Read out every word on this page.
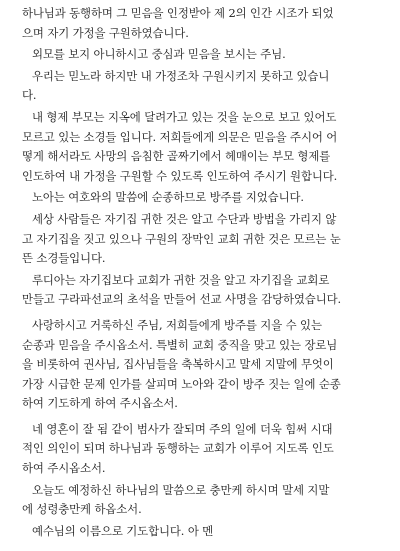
하나님과 동행하며 그 믿음을 인정받아 제 2의 인간 시조가 되었
으며 자기 가정을 구원하였습니다.
외모를 보지 아니하시고 중심과 믿음을 보시는 주님.
우리는 믿노라 하지만 내 가정조차 구원시키지 못하고 있습니
다.
내 형제 부모는 지옥에 달려가고 있는 것을 눈으로 보고 있어도
모르고 있는 소경들 입니다. 저희들에게 의문은 믿음을 주시어 어
떻게 해서라도 사망의 음침한 골짜기에서 헤매이는 부모 형제를
인도하여 내 가정을 구원할 수 있도록 인도하여 주시기 원합니다.
노아는 여호와의 말씀에 순종하므로 방주를 지었습니다.
세상 사람들은 자기집 귀한 것은 알고 수단과 방법을 가리지 않
고 자기집을 짓고 있으나 구원의 장막인 교회 귀한 것은 모르는 눈
뜬 소경들입니다.
루디아는 자기집보다 교회가 귀한 것을 알고 자기집을 교회로
만들고 구라파선교의 초석을 만들어 선교 사명을 감당하였습니다.
사랑하시고 거룩하신 주님, 저희들에게 방주를 지을 수 있는
순종과 믿음을 주시옵소서. 특별히 교회 중직을 맞고 있는 장로님
을 비롯하여 권사님, 집사님들을 축복하시고 말세 지말에 무엇이
가장 시급한 문제 인가를 살피며 노아와 같이 방주 짓는 일에 순종
하여 기도하게 하여 주시옵소서.
네 영혼이 잘 됨 같이 범사가 잘되며 주의 일에 더욱 힘써 시대
적인 의인이 되며 하나님과 동행하는 교회가 이루어 지도록 인도
하여 주시옵소서.
오늘도 예정하신 하나님의 말씀으로 충만케 하시며 말세 지말
에 성령충만케 하옵소서.
예수님의 이름으로 기도합니다. 아 멘
